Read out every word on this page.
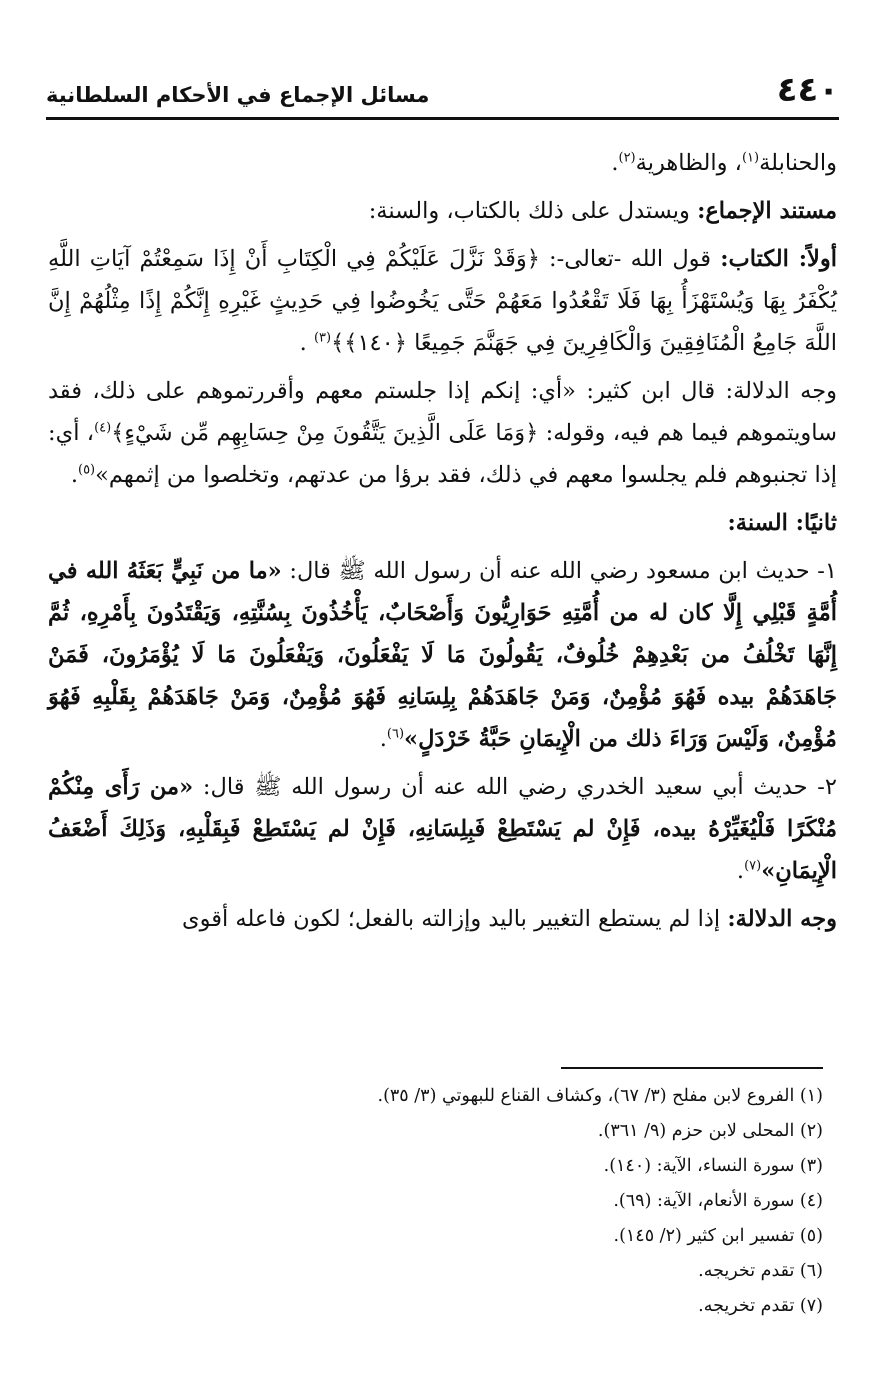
٤٤٠
مسائل الإجماع في الأحكام السلطانية

والحنابلة$^{(١)}$، والظاهرية$^{(٢)}$.

مستند الإجماع: ويستدل على ذلك بالكتاب، والسنة:

أولاً: الكتاب: قول الله -تعالى-: ﴿وَقَدْ نَزَّلَ عَلَيْكُمْ فِي الْكِتَابِ أَنْ إِذَا سَمِعْتُمْ آيَاتِ اللَّهِ يُكْفَرُ بِهَا وَيُسْتَهْزَأُ بِهَا فَلَا تَقْعُدُوا مَعَهُمْ حَتَّى يَخُوضُوا فِي حَدِيثٍ غَيْرِهِ إِنَّكُمْ إِذًا مِثْلُهُمْ إِنَّ اللَّهَ جَامِعُ الْمُنَافِقِينَ وَالْكَافِرِينَ فِي جَهَنَّمَ جَمِيعًا ﴿١٤٠﴾﴾$^{(٣)}$ .

وجه الدلالة: قال ابن كثير: «أي: إنكم إذا جلستم معهم وأقررتموهم على ذلك، فقد ساويتموهم فيما هم فيه، وقوله: ﴿وَمَا عَلَى الَّذِينَ يَتَّقُونَ مِنْ حِسَابِهِم مِّن شَيْءٍ﴾$^{(٤)}$، أي: إذا تجنبوهم فلم يجلسوا معهم في ذلك، فقد برؤا من عدتهم، وتخلصوا من إثمهم»$^{(٥)}$.

ثانيًا: السنة:

١- حديث ابن مسعود رضي الله عنه أن رسول الله ﷺ قال: «ما من نَبِيٍّ بَعَثَهُ الله في أُمَّةٍ قَبْلِي إِلَّا كان له من أُمَّتِهِ حَوَارِيُّونَ وَأَصْحَابٌ، يَأْخُذُونَ بِسُنَّتِهِ، وَيَقْتَدُونَ بِأَمْرِهِ، ثُمَّ إِنَّهَا تَخْلُفُ من بَعْدِهِمْ خُلُوفٌ، يَقُولُونَ مَا لَا يَفْعَلُونَ، وَيَفْعَلُونَ مَا لَا يُؤْمَرُونَ، فَمَنْ جَاهَدَهُمْ بيده فَهُوَ مُؤْمِنٌ، وَمَنْ جَاهَدَهُمْ بِلِسَانِهِ فَهُوَ مُؤْمِنٌ، وَمَنْ جَاهَدَهُمْ بِقَلْبِهِ فَهُوَ مُؤْمِنٌ، وَلَيْسَ وَرَاءَ ذلك من الْإِيمَانِ حَبَّةُ خَرْدَلٍ»$^{(٦)}$.

٢- حديث أبي سعيد الخدري رضي الله عنه أن رسول الله ﷺ قال: «من رَأَى مِنْكُمْ مُنْكَرًا فَلْيُغَيِّرْهُ بيده، فَإِنْ لم يَسْتَطِعْ فَبِلِسَانِهِ، فَإِنْ لم يَسْتَطِعْ فَبِقَلْبِهِ، وَذَلِكَ أَضْعَفُ الْإِيمَانِ»$^{(٧)}$.

وجه الدلالة: إذا لم يستطع التغيير باليد وإزالته بالفعل؛ لكون فاعله أقوى

(١) الفروع لابن مفلح (٣/ ٦٧)، وكشاف القناع للبهوتي (٣/ ٣٥).
(٢) المحلى لابن حزم (٩/ ٣٦١).
(٣) سورة النساء، الآية: (١٤٠).
(٤) سورة الأنعام، الآية: (٦٩).
(٥) تفسير ابن كثير (٢/ ١٤٥).
(٦) تقدم تخريجه.
(٧) تقدم تخريجه.
